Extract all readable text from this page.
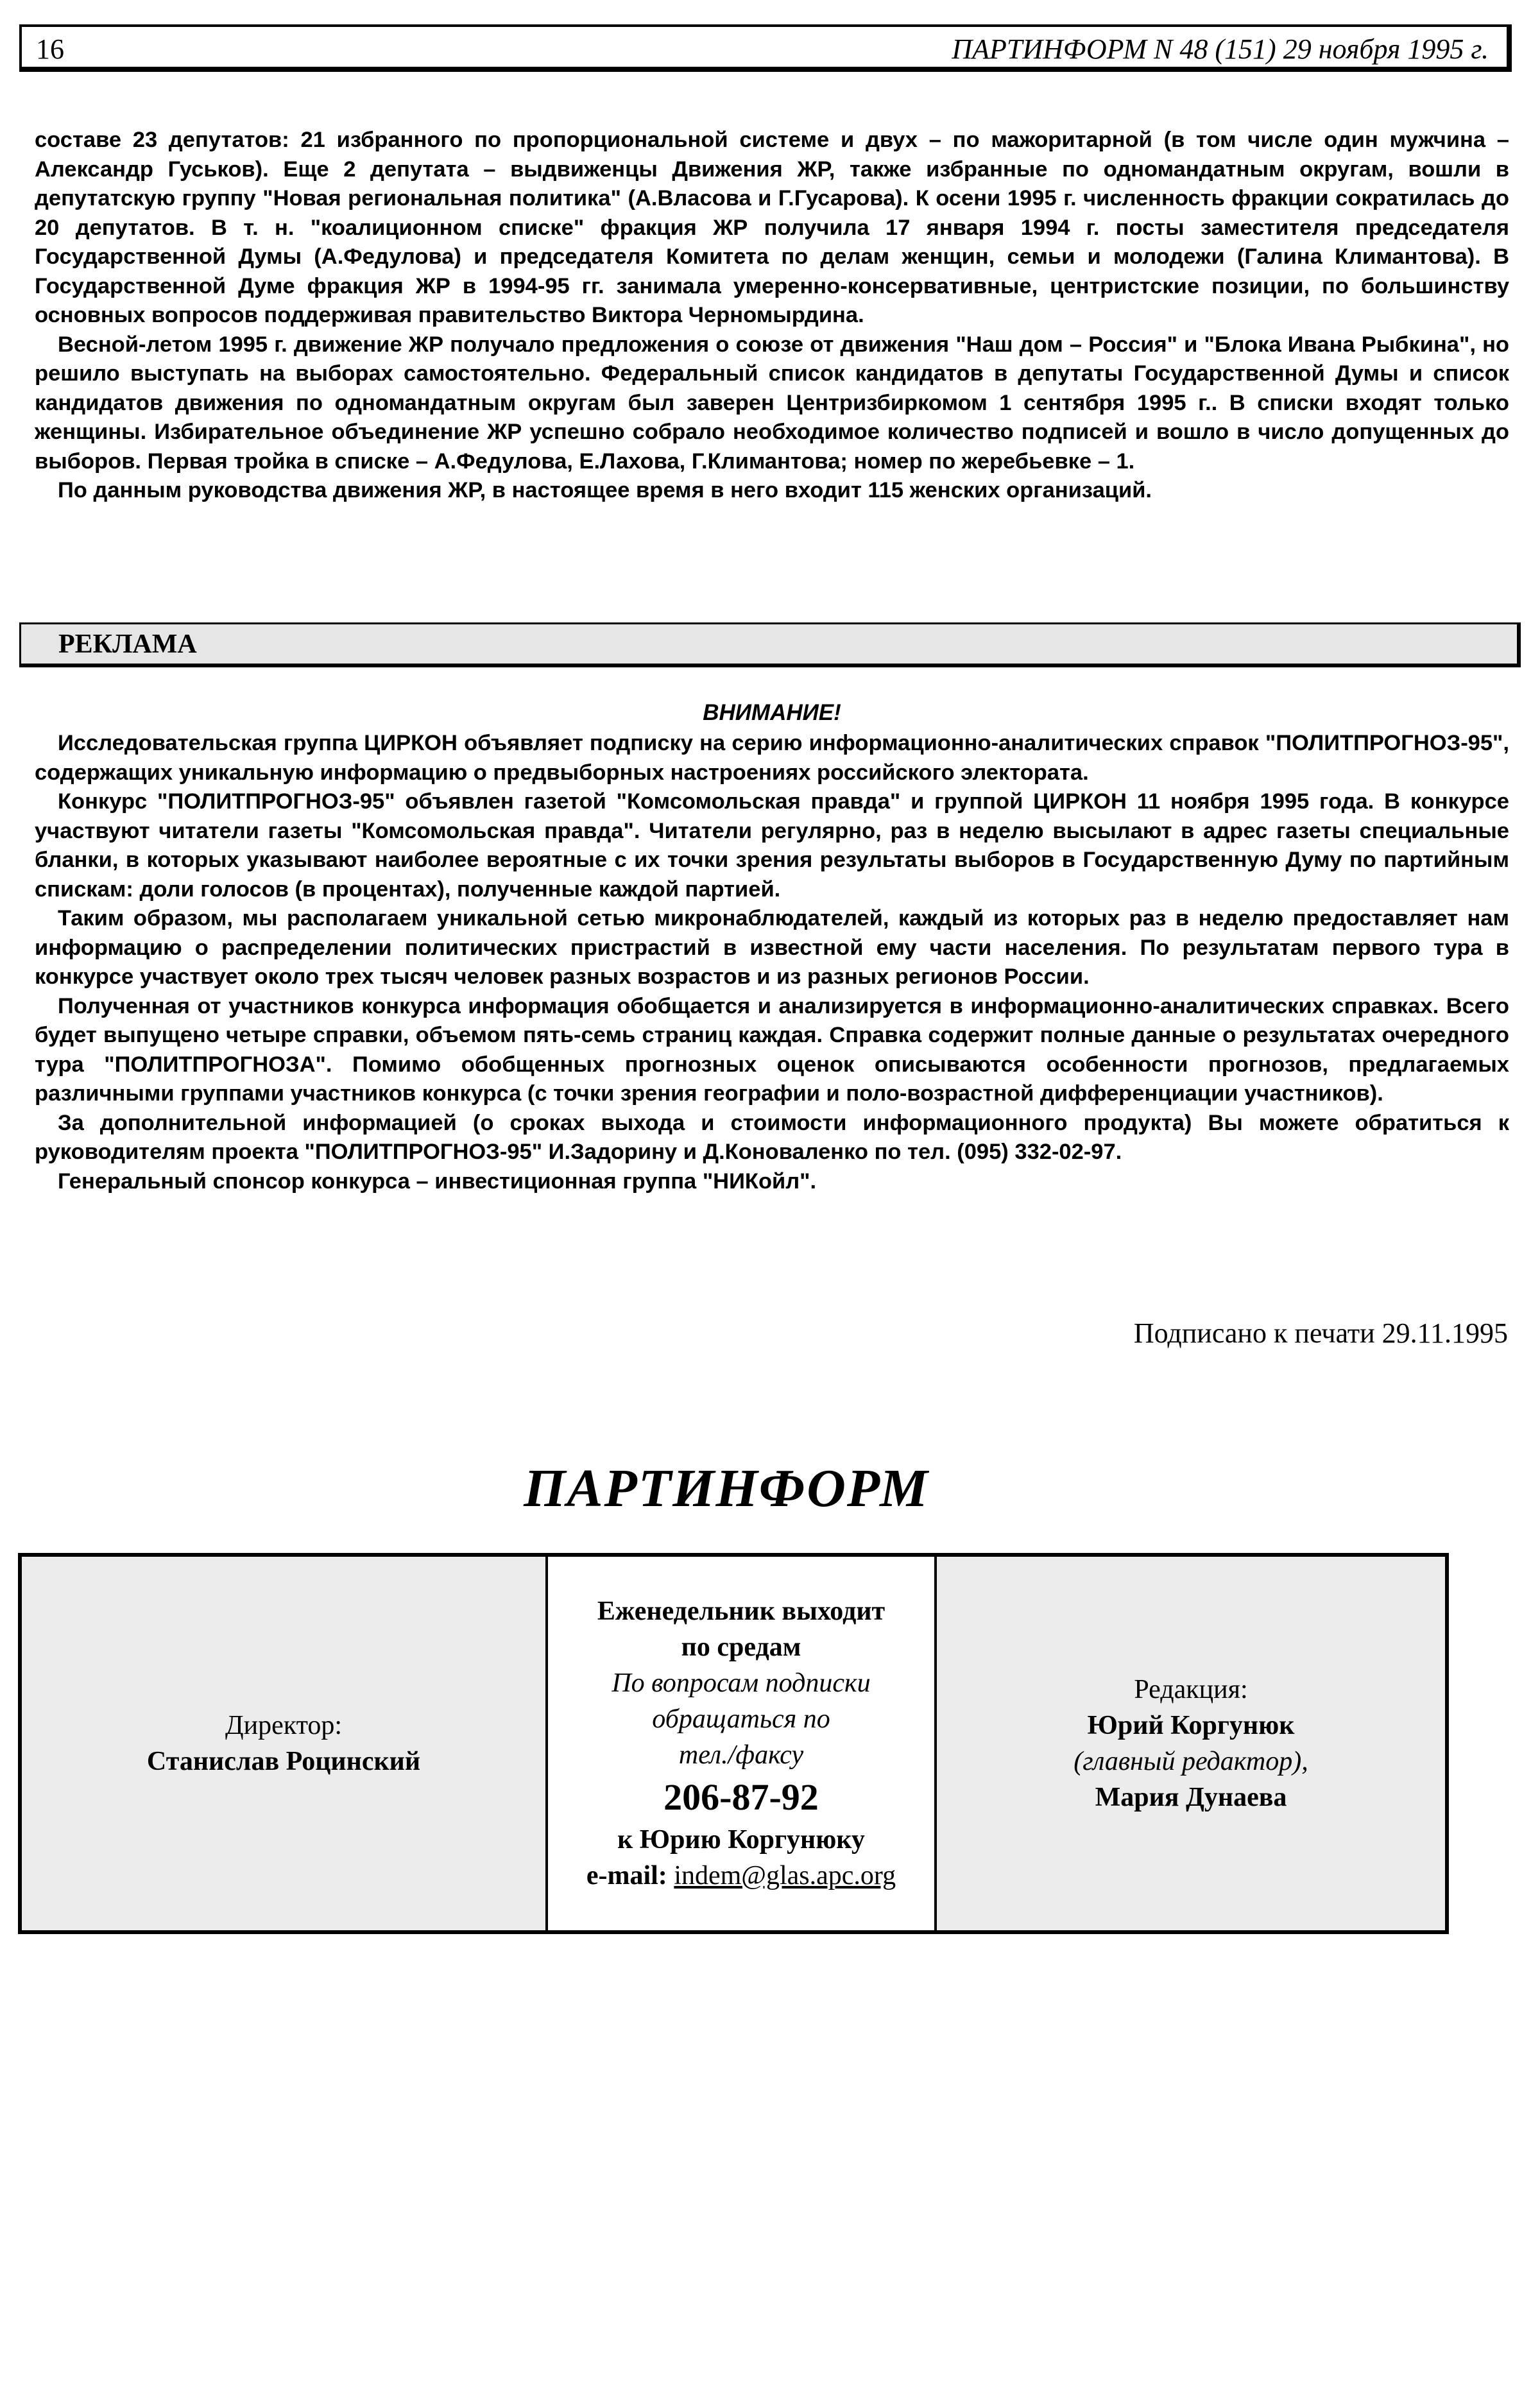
16	ПАРТИНФОРМ N 48 (151) 29 ноября 1995 г.

составе 23 депутатов: 21 избранного по пропорциональной системе и двух – по мажоритарной (в том числе один мужчина – Александр Гуськов). Еще 2 депутата – выдвиженцы Движения ЖР, также избранные по одномандатным округам, вошли в депутатскую группу "Новая региональная политика" (А.Власова и Г.Гусарова). К осени 1995 г. численность фракции сократилась до 20 депутатов. В т. н. "коалиционном списке" фракция ЖР получила 17 января 1994 г. посты заместителя председателя Государственной Думы (А.Федулова) и председателя Комитета по делам женщин, семьи и молодежи (Галина Климантова). В Государственной Думе фракция ЖР в 1994-95 гг. занимала умеренно-консервативные, центристские позиции, по большинству основных вопросов поддерживая правительство Виктора Черномырдина.

Весной-летом 1995 г. движение ЖР получало предложения о союзе от движения "Наш дом – Россия" и "Блока Ивана Рыбкина", но решило выступать на выборах самостоятельно. Федеральный список кандидатов в депутаты Государственной Думы и список кандидатов движения по одномандатным округам был заверен Центризбиркомом 1 сентября 1995 г.. В списки входят только женщины. Избирательное объединение ЖР успешно собрало необходимое количество подписей и вошло в число допущенных до выборов. Первая тройка в списке – А.Федулова, Е.Лахова, Г.Климантова; номер по жеребьевке – 1.

По данным руководства движения ЖР, в настоящее время в него входит 115 женских организаций.

РЕКЛАМА
ВНИМАНИЕ!

Исследовательская группа ЦИРКОН объявляет подписку на серию информационно-аналитических справок "ПОЛИТПРОГНОЗ-95", содержащих уникальную информацию о предвыборных настроениях российского электората.

Конкурс "ПОЛИТПРОГНОЗ-95" объявлен газетой "Комсомольская правда" и группой ЦИРКОН 11 ноября 1995 года. В конкурсе участвуют читатели газеты "Комсомольская правда". Читатели регулярно, раз в неделю высылают в адрес газеты специальные бланки, в которых указывают наиболее вероятные с их точки зрения результаты выборов в Государственную Думу по партийным спискам: доли голосов (в процентах), полученные каждой партией.

Таким образом, мы располагаем уникальной сетью микронаблюдателей, каждый из которых раз в неделю предоставляет нам информацию о распределении политических пристрастий в известной ему части населения. По результатам первого тура в конкурсе участвует около трех тысяч человек разных возрастов и из разных регионов России.

Полученная от участников конкурса информация обобщается и анализируется в информационно-аналитических справках. Всего будет выпущено четыре справки, объемом пять-семь страниц каждая. Справка содержит полные данные о результатах очередного тура "ПОЛИТПРОГНОЗА". Помимо обобщенных прогнозных оценок описываются особенности прогнозов, предлагаемых различными группами участников конкурса (с точки зрения географии и поло-возрастной дифференциации участников).

За дополнительной информацией (о сроках выхода и стоимости информационного продукта) Вы можете обратиться к руководителям проекта "ПОЛИТПРОГНОЗ-95" И.Задорину и Д.Коноваленко по тел. (095) 332-02-97.

Генеральный спонсор конкурса – инвестиционная группа "НИКойл".

Подписано к печати 29.11.1995
ПАРТИНФОРМ
Директор:
Станислав Роцинский
Еженедельник выходит
по средам
По вопросам подписки
обращаться по
тел./факсу
206-87-92
к Юрию Коргунюку
e-mail: indem@glas.apc.org
Редакция:
Юрий Коргунюк
(главный редактор),
Мария Дунаева
